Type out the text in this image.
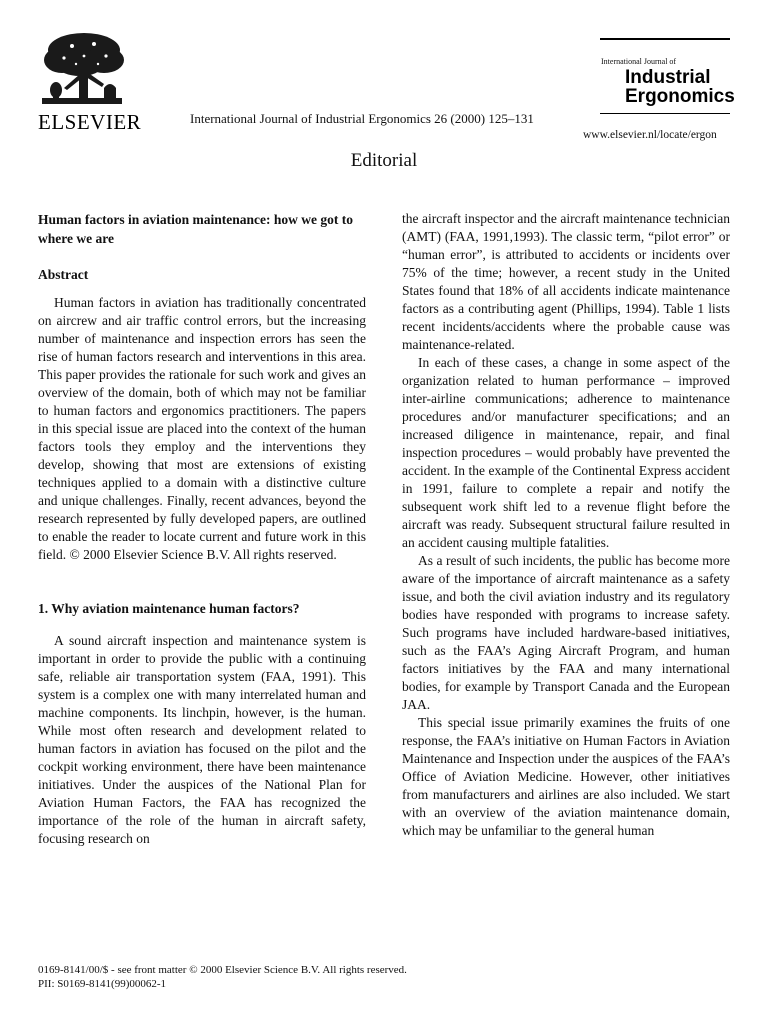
ELSEVIER	International Journal of Industrial Ergonomics 26 (2000) 125–131
International Journal of
Industrial
Ergonomics
www.elsevier.nl/locate/ergon
Editorial
Human factors in aviation maintenance: how we got to where we are
Abstract

Human factors in aviation has traditionally concentrated on aircrew and air traffic control errors, but the increasing number of maintenance and inspection errors has seen the rise of human factors research and interventions in this area. This paper provides the rationale for such work and gives an overview of the domain, both of which may not be familiar to human factors and ergonomics practitioners. The papers in this special issue are placed into the context of the human factors tools they employ and the interventions they develop, showing that most are extensions of existing techniques applied to a domain with a distinctive culture and unique challenges. Finally, recent advances, beyond the research represented by fully developed papers, are outlined to enable the reader to locate current and future work in this field. © 2000 Elsevier Science B.V. All rights reserved.

1. Why aviation maintenance human factors?

A sound aircraft inspection and maintenance system is important in order to provide the public with a continuing safe, reliable air transportation system (FAA, 1991). This system is a complex one with many interrelated human and machine components. Its linchpin, however, is the human. While most often research and development related to human factors in aviation has focused on the pilot and the cockpit working environment, there have been maintenance initiatives. Under the auspices of the National Plan for Aviation Human Factors, the FAA has recognized the importance of the role of the human in aircraft safety, focusing research on

the aircraft inspector and the aircraft maintenance technician (AMT) (FAA, 1991,1993). The classic term, “pilot error” or “human error”, is attributed to accidents or incidents over 75% of the time; however, a recent study in the United States found that 18% of all accidents indicate maintenance factors as a contributing agent (Phillips, 1994). Table 1 lists recent incidents/accidents where the probable cause was maintenance-related.

In each of these cases, a change in some aspect of the organization related to human performance – improved inter-airline communications; adherence to maintenance procedures and/or manufacturer specifications; and an increased diligence in maintenance, repair, and final inspection procedures – would probably have prevented the accident. In the example of the Continental Express accident in 1991, failure to complete a repair and notify the subsequent work shift led to a revenue flight before the aircraft was ready. Subsequent structural failure resulted in an accident causing multiple fatalities.

As a result of such incidents, the public has become more aware of the importance of aircraft maintenance as a safety issue, and both the civil aviation industry and its regulatory bodies have responded with programs to increase safety. Such programs have included hardware-based initiatives, such as the FAA’s Aging Aircraft Program, and human factors initiatives by the FAA and many international bodies, for example by Transport Canada and the European JAA.

This special issue primarily examines the fruits of one response, the FAA’s initiative on Human Factors in Aviation Maintenance and Inspection under the auspices of the FAA’s Office of Aviation Medicine. However, other initiatives from manufacturers and airlines are also included. We start with an overview of the aviation maintenance domain, which may be unfamiliar to the general human

0169-8141/00/$ - see front matter © 2000 Elsevier Science B.V. All rights reserved.
PII: S0169-8141(99)00062-1
